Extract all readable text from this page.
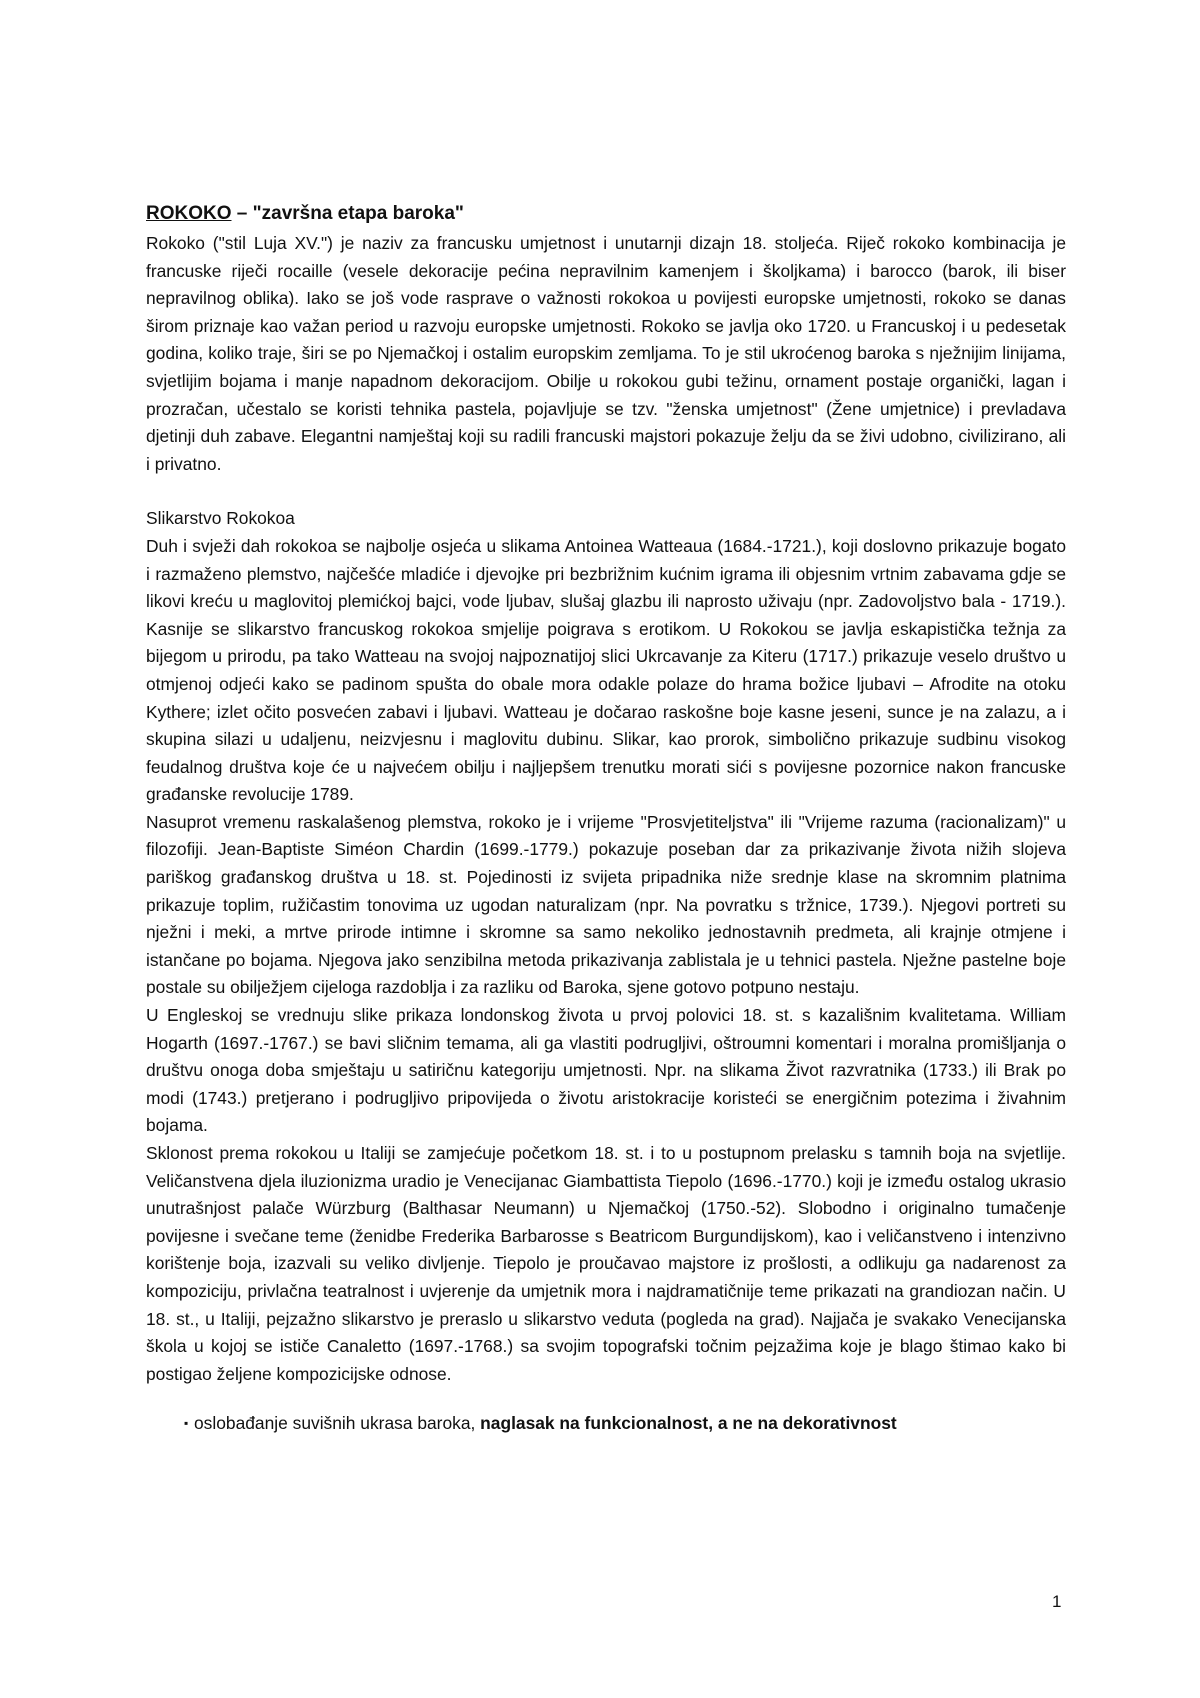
ROKOKO – "završna etapa baroka"

Rokoko ("stil Luja XV.") je naziv za francusku umjetnost i unutarnji dizajn 18. stoljeća. Riječ rokoko kombinacija je francuske riječi rocaille (vesele dekoracije pećina nepravilnim kamenjem i školjkama) i barocco (barok, ili biser nepravilnog oblika). Iako se još vode rasprave o važnosti rokokoa u povijesti europske umjetnosti, rokoko se danas širom priznaje kao važan period u razvoju europske umjetnosti. Rokoko se javlja oko 1720. u Francuskoj i u pedesetak godina, koliko traje, širi se po Njemačkoj i ostalim europskim zemljama. To je stil ukroćenog baroka s nježnijim linijama, svjetlijim bojama i manje napadnom dekoracijom. Obilje u rokokou gubi težinu, ornament postaje organički, lagan i prozračan, učestalo se koristi tehnika pastela, pojavljuje se tzv. "ženska umjetnost" (Žene umjetnice) i prevladava djetinji duh zabave. Elegantni namještaj koji su radili francuski majstori pokazuje želju da se živi udobno, civilizirano, ali i privatno.

Slikarstvo Rokokoa

Duh i svježi dah rokokoa se najbolje osjeća u slikama Antoinea Watteaua (1684.-1721.), koji doslovno prikazuje bogato i razmaženo plemstvo, najčešće mladiće i djevojke pri bezbrižnim kućnim igrama ili objesnim vrtnim zabavama gdje se likovi kreću u maglovitoj plemićkoj bajci, vode ljubav, slušaj glazbu ili naprosto uživaju (npr. Zadovoljstvo bala - 1719.). Kasnije se slikarstvo francuskog rokokoa smjelije poigrava s erotikom. U Rokokou se javlja eskapistička težnja za bijegom u prirodu, pa tako Watteau na svojoj najpoznatijoj slici Ukrcavanje za Kiteru (1717.) prikazuje veselo društvo u otmjenoj odjeći kako se padinom spušta do obale mora odakle polaze do hrama božice ljubavi – Afrodite na otoku Kythere; izlet očito posvećen zabavi i ljubavi. Watteau je dočarao raskošne boje kasne jeseni, sunce je na zalazu, a i skupina silazi u udaljenu, neizvjesnu i maglovitu dubinu. Slikar, kao prorok, simbolično prikazuje sudbinu visokog feudalnog društva koje će u najvećem obilju i najljepšem trenutku morati sići s povijesne pozornice nakon francuske građanske revolucije 1789.

Nasuprot vremenu raskalašenog plemstva, rokoko je i vrijeme "Prosvjetiteljstva" ili "Vrijeme razuma (racionalizam)" u filozofiji. Jean-Baptiste Siméon Chardin (1699.-1779.) pokazuje poseban dar za prikazivanje života nižih slojeva pariškog građanskog društva u 18. st. Pojedinosti iz svijeta pripadnika niže srednje klase na skromnim platnima prikazuje toplim, ružičastim tonovima uz ugodan naturalizam (npr. Na povratku s tržnice, 1739.). Njegovi portreti su nježni i meki, a mrtve prirode intimne i skromne sa samo nekoliko jednostavnih predmeta, ali krajnje otmjene i istančane po bojama. Njegova jako senzibilna metoda prikazivanja zablistala je u tehnici pastela. Nježne pastelne boje postale su obilježjem cijeloga razdoblja i za razliku od Baroka, sjene gotovo potpuno nestaju.

U Engleskoj se vrednuju slike prikaza londonskog života u prvoj polovici 18. st. s kazališnim kvalitetama. William Hogarth (1697.-1767.) se bavi sličnim temama, ali ga vlastiti podrugljivi, oštroumni komentari i moralna promišljanja o društvu onoga doba smještaju u satiričnu kategoriju umjetnosti. Npr. na slikama Život razvratnika (1733.) ili Brak po modi (1743.) pretjerano i podrugljivo pripovijeda o životu aristokracije koristeći se energičnim potezima i živahnim bojama.

Sklonost prema rokokou u Italiji se zamjećuje početkom 18. st. i to u postupnom prelasku s tamnih boja na svjetlije. Veličanstvena djela iluzionizma uradio je Venecijanac Giambattista Tiepolo (1696.-1770.) koji je između ostalog ukrasio unutrašnjost palače Würzburg (Balthasar Neumann) u Njemačkoj (1750.-52). Slobodno i originalno tumačenje povijesne i svečane teme (ženidbe Frederika Barbarosse s Beatricom Burgundijskom), kao i veličanstveno i intenzivno korištenje boja, izazvali su veliko divljenje. Tiepolo je proučavao majstore iz prošlosti, a odlikuju ga nadarenost za kompoziciju, privlačna teatralnost i uvjerenje da umjetnik mora i najdramatičnije teme prikazati na grandiozan način. U 18. st., u Italiji, pejzažno slikarstvo je preraslo u slikarstvo veduta (pogleda na grad). Najjača je svakako Venecijanska škola u kojoj se ističe Canaletto (1697.-1768.) sa svojim topografski točnim pejzažima koje je blago štimao kako bi postigao željene kompozicijske odnose.

▪ oslobađanje suvišnih ukrasa baroka, naglasak na funkcionalnost, a ne na dekorativnost
1
